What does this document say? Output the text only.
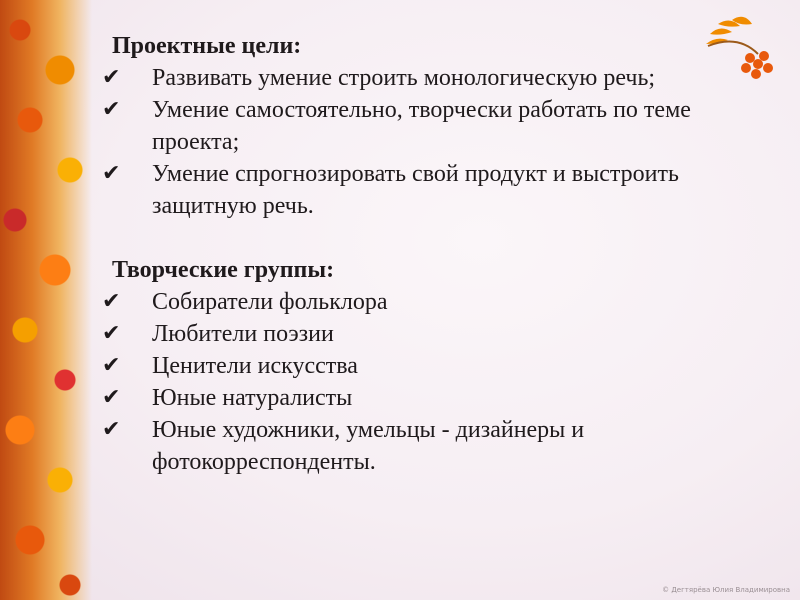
Проектные цели:
✔ Развивать умение строить монологическую речь;
✔ Умение самостоятельно, творчески работать по теме проекта;
✔ Умение спрогнозировать свой продукт и выстроить защитную речь.
Творческие группы:
✔ Собиратели фольклора
✔ Любители поэзии
✔ Ценители искусства
✔ Юные натуралисты
✔ Юные художники, умельцы - дизайнеры и фотокорреспонденты.
© Дегтярёва Юлия Владимировна
